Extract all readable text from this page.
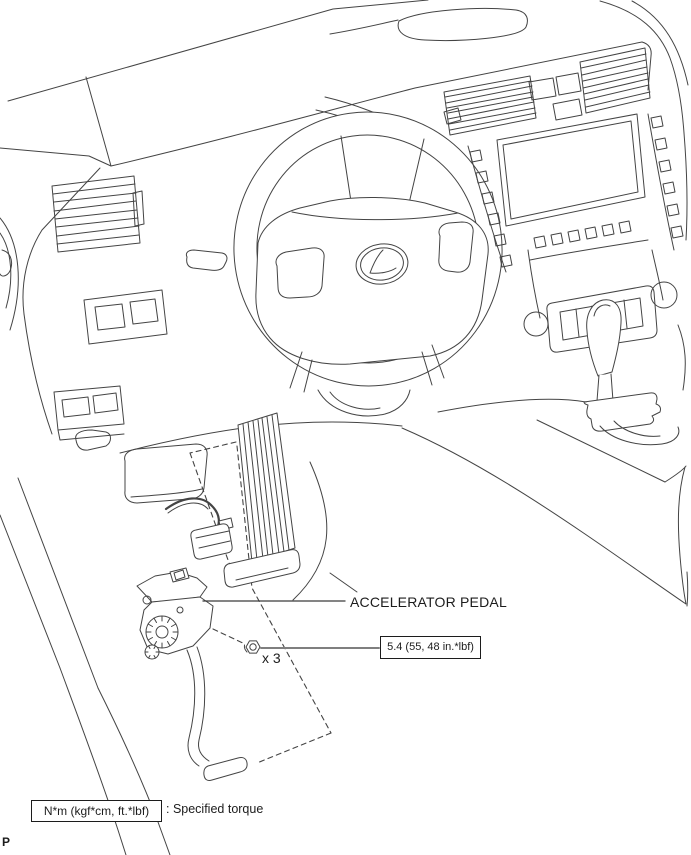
ACCELERATOR PEDAL
x 3
5.4 (55, 48 in.*lbf)
N*m (kgf*cm, ft.*lbf)	: Specified torque
P
